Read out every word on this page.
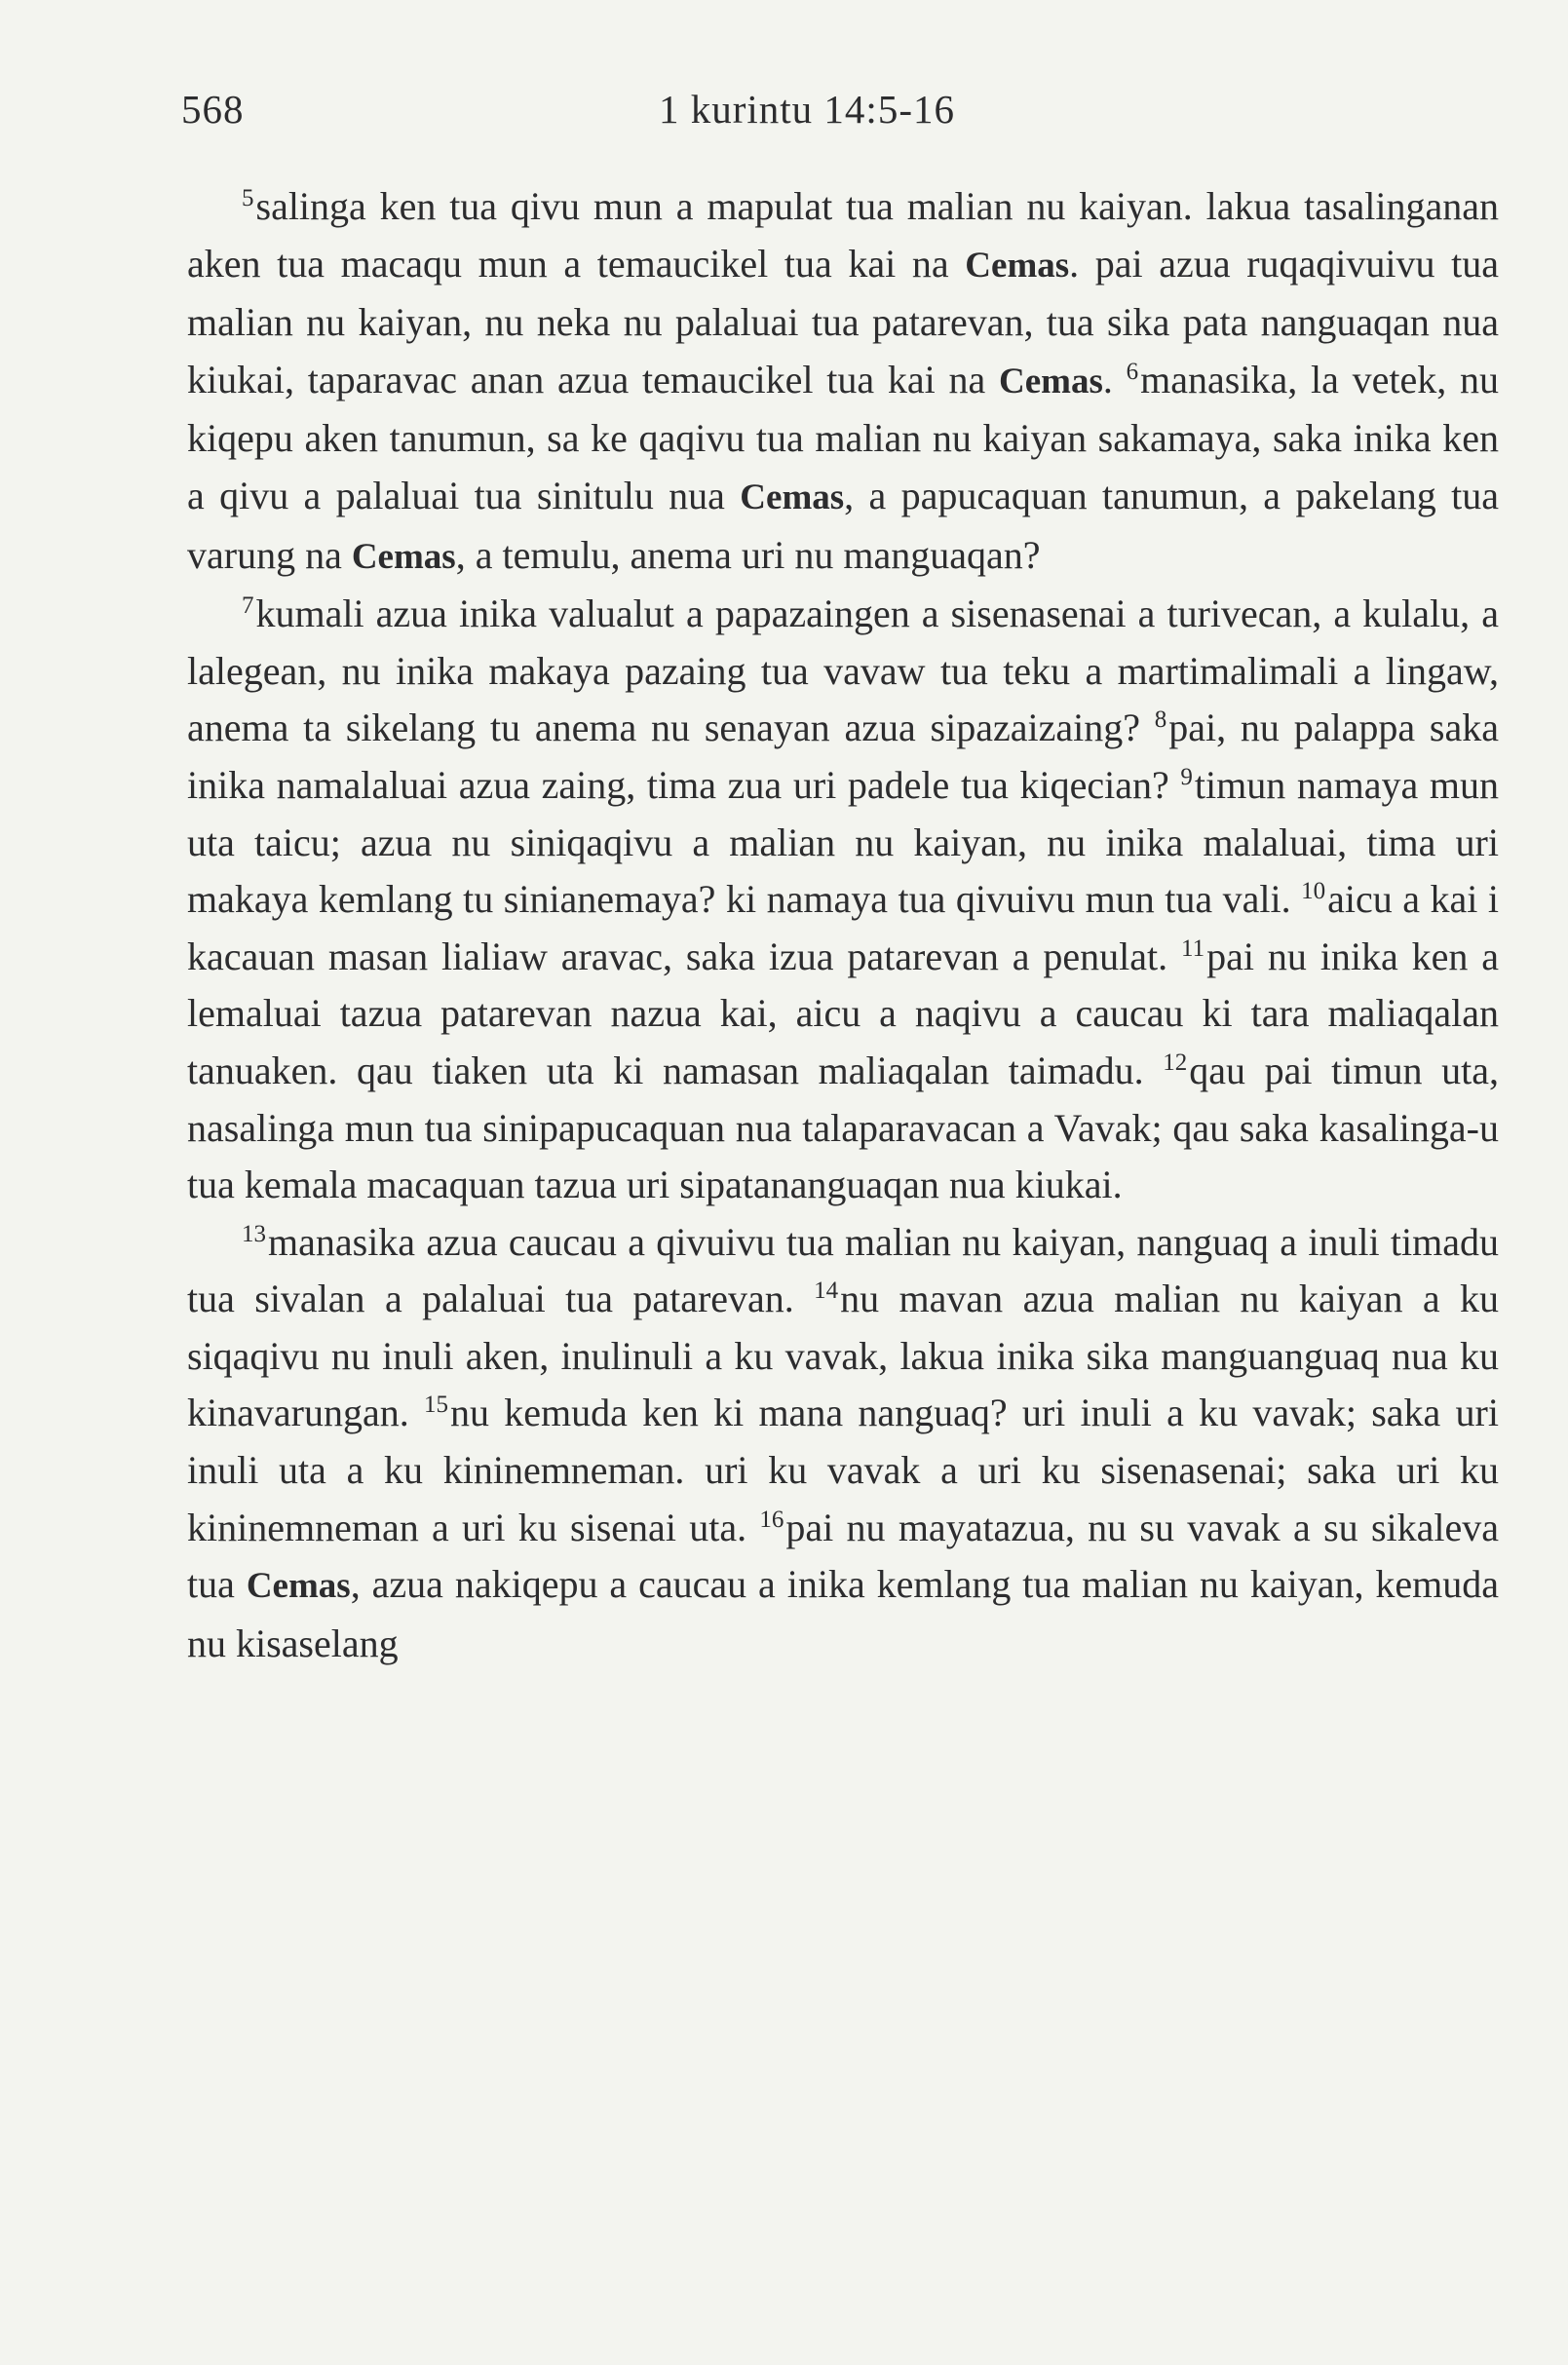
568	1 kurintu 14:5-16

$^5$salinga ken tua qivu mun a mapulat tua malian nu kaiyan. lakua tasalinganan aken tua macaqu mun a temaucikel tua kai na Cemas. pai azua ruqaqivuivu tua malian nu kaiyan, nu neka nu palaluai tua patarevan, tua sika pata nanguaqan nua kiukai, taparavac anan azua temaucikel tua kai na Cemas. $^6$manasika, la vetek, nu kiqepu aken tanumun, sa ke qaqivu tua malian nu kaiyan sakamaya, saka inika ken a qivu a palaluai tua sinitulu nua Cemas, a papucaquan tanumun, a pakelang tua varung na Cemas, a temulu, anema uri nu manguaqan?

$^7$kumali azua inika valualut a papazaingen a sisenasenai a turivecan, a kulalu, a lalegean, nu inika makaya pazaing tua vavaw tua teku a martimalimali a lingaw, anema ta sikelang tu anema nu senayan azua sipazaizaing? $^8$pai, nu palappa saka inika namalaluai azua zaing, tima zua uri padele tua kiqecian? $^9$timun namaya mun uta taicu; azua nu siniqaqivu a malian nu kaiyan, nu inika malaluai, tima uri makaya kemlang tu sinianemaya? ki namaya tua qivuivu mun tua vali. $^{10}$aicu a kai i kacauan masan lialiaw aravac, saka izua patarevan a penulat. $^{11}$pai nu inika ken a lemaluai tazua patarevan nazua kai, aicu a naqivu a caucau ki tara maliaqalan tanuaken. qau tiaken uta ki namasan maliaqalan taimadu. $^{12}$qau pai timun uta, nasalinga mun tua sinipapucaquan nua talaparavacan a Vavak; qau saka kasalinga-u tua kemala macaquan tazua uri sipatananguaqan nua kiukai.

$^{13}$manasika azua caucau a qivuivu tua malian nu kaiyan, nanguaq a inuli timadu tua sivalan a palaluai tua patarevan. $^{14}$nu mavan azua malian nu kaiyan a ku siqaqivu nu inuli aken, inulinuli a ku vavak, lakua inika sika manguanguaq nua ku kinavarungan. $^{15}$nu kemuda ken ki mana nanguaq? uri inuli a ku vavak; saka uri inuli uta a ku kininemneman. uri ku vavak a uri ku sisenasenai; saka uri ku kininemneman a uri ku sisenai uta. $^{16}$pai nu mayatazua, nu su vavak a su sikaleva tua Cemas, azua nakiqepu a caucau a inika kemlang tua malian nu kaiyan, kemuda nu kisaselang
